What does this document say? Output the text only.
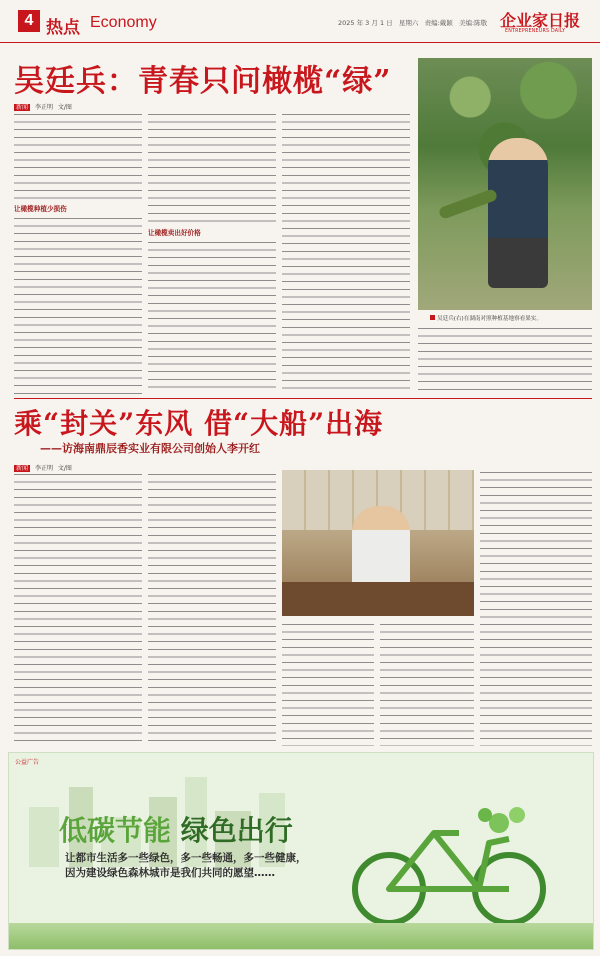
4 热点 Economy	2025 年 3 月 1 日 星期六 责编:戴颖 美编:陈敬 企业家日报
ENTREPRENEURS DAILY
吴廷兵：青春只问橄榄“绿”
新闻 李正明 文/图
让橄榄种植少损伤
让橄榄卖出好价格
吴廷兵(右)在湖南对照种植基地察看果实。
乘“封关”东风 借“大船”出海
——访海南鼎辰香实业有限公司创始人李开红
新闻 李正明 文/图
公益广告
低碳节能 绿色出行
让都市生活多一些绿色，多一些畅通，多一些健康，
因为建设绿色森林城市是我们共同的愿望……
